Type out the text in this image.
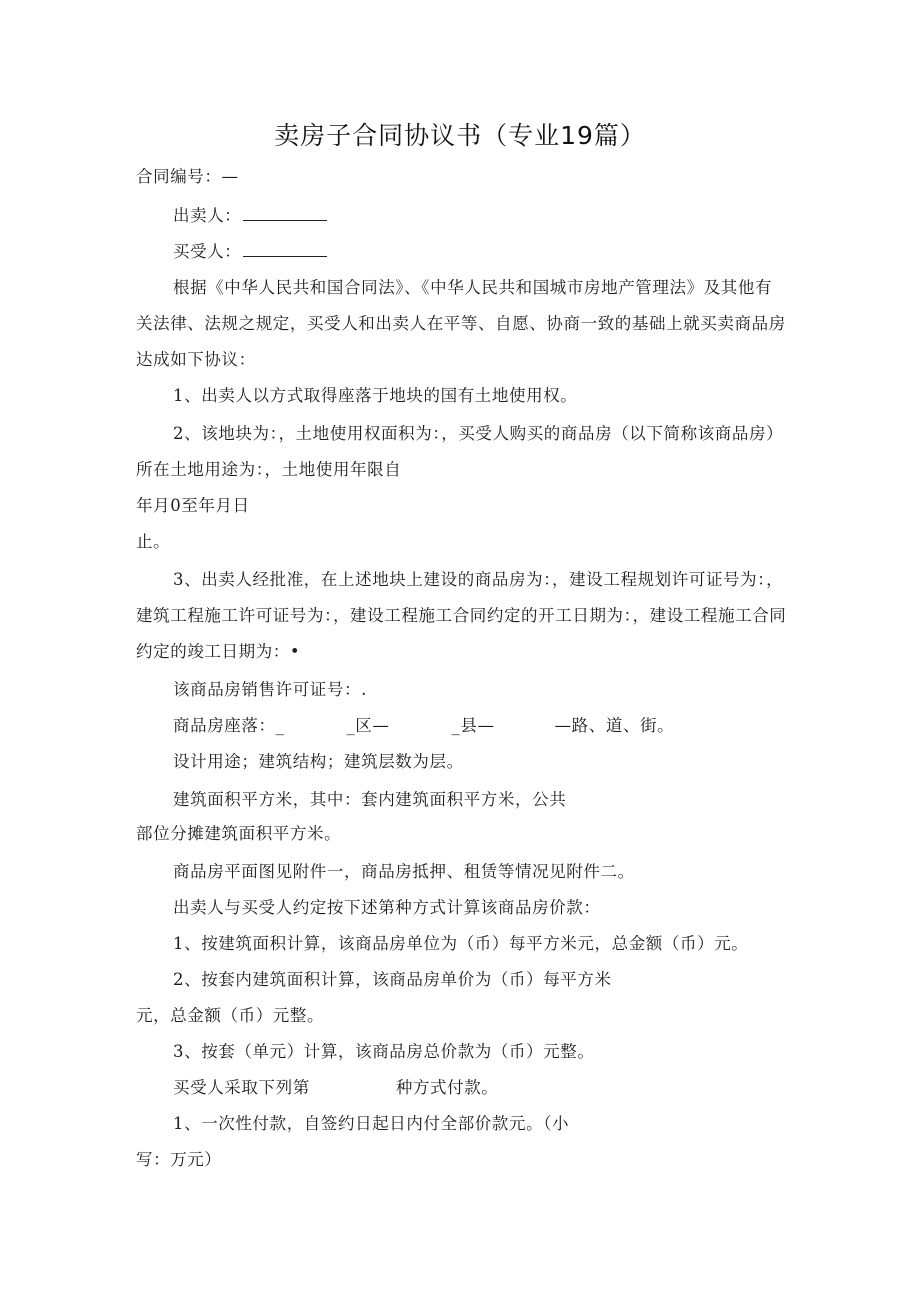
卖房子合同协议书（专业19篇）
合同编号：—
出卖人：
买受人：
根据《中华人民共和国合同法》、《中华人民共和国城市房地产管理法》及其他有
关法律、法规之规定，买受人和出卖人在平等、自愿、协商一致的基础上就买卖商品房
达成如下协议：
1、出卖人以方式取得座落于地块的国有土地使用权。
2、该地块为：，土地使用权面积为：，买受人购买的商品房（以下简称该商品房）
所在土地用途为：，土地使用年限自
年月0至年月日
止。
3、出卖人经批准，在上述地块上建设的商品房为：，建设工程规划许可证号为：，
建筑工程施工许可证号为：，建设工程施工合同约定的开工日期为：，建设工程施工合同
约定的竣工日期为：•
该商品房销售许可证号：.
商品房座落：_	_区—	_县—	—路、道、街。
设计用途；建筑结构；建筑层数为层。
建筑面积平方米，其中：套内建筑面积平方米，公共
部位分摊建筑面积平方米。
商品房平面图见附件一，商品房抵押、租赁等情况见附件二。
出卖人与买受人约定按下述第种方式计算该商品房价款：
1、按建筑面积计算，该商品房单位为（币）每平方米元，总金额（币）元。
2、按套内建筑面积计算，该商品房单价为（币）每平方米
元，总金额（币）元整。
3、按套（单元）计算，该商品房总价款为（币）元整。
买受人采取下列第	种方式付款。
1、一次性付款，自签约日起日内付全部价款元。（小
写：万元）
